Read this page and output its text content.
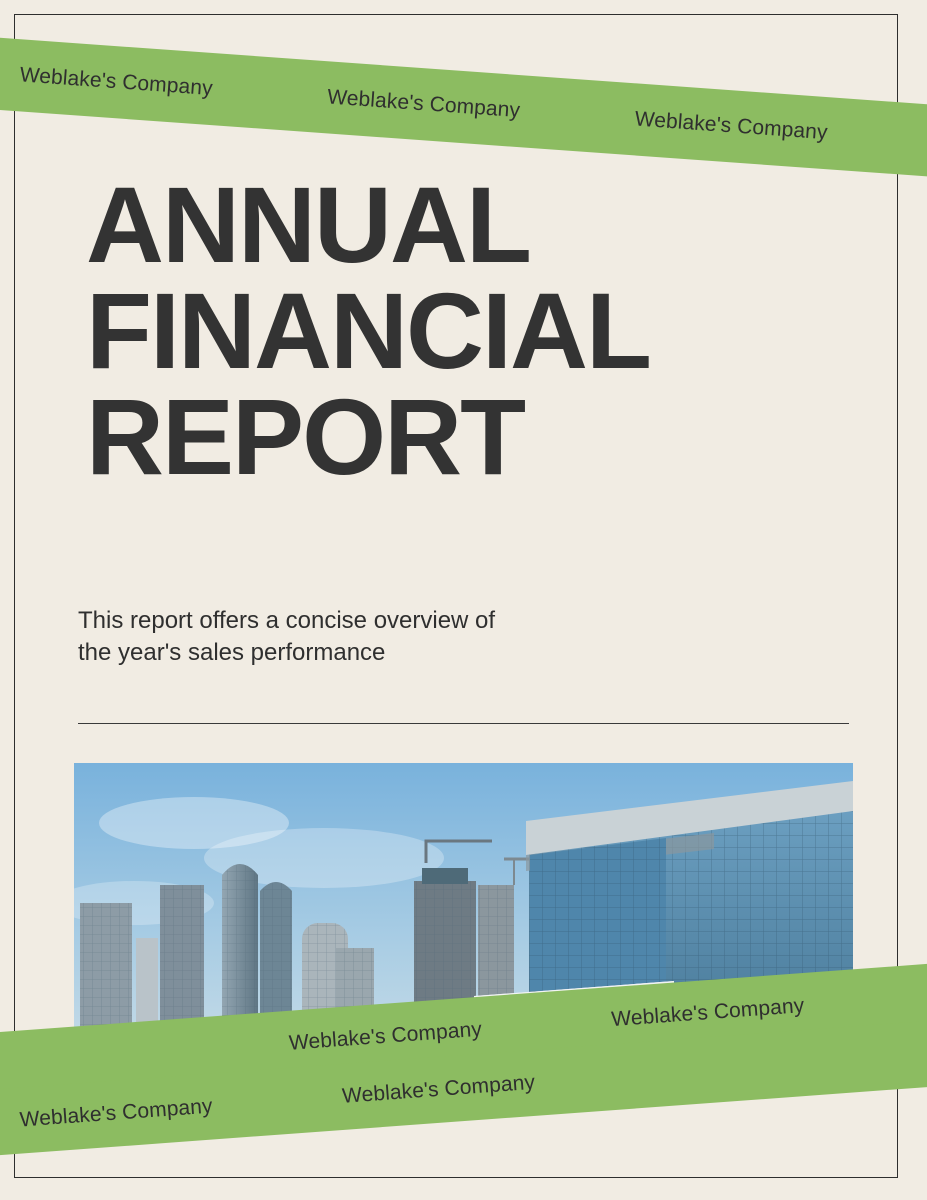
ANNUAL
FINANCIAL
REPORT
This report offers a concise overview of the year's sales performance
Weblake's Company
Weblake's Company
Weblake's Company
Weblake's Company
Weblake's Company
Weblake's Company
Weblake's Company
